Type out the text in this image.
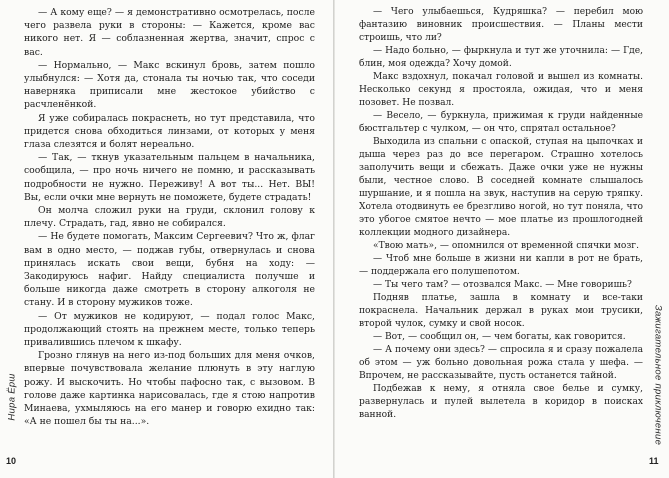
— А кому еще? — я демонстративно осмотрелась, после чего развела руки в стороны: — Кажется, кроме вас никого нет. Я — соблазненная жертва, значит, спрос с вас.

— Нормально, — Макс вскинул бровь, затем пошло улыбнулся: — Хотя да, стонала ты ночью так, что соседи наверняка приписали мне жестокое убийство с расчленёнкой.

Я уже собиралась покраснеть, но тут представила, что придется снова обходиться линзами, от которых у меня глаза слезятся и болят нереально.

— Так, — ткнув указательным пальцем в начальника, сообщила, — про ночь ничего не помню, и рассказывать подробности не нужно. Переживу! А вот ты... Нет. ВЫ! Вы, если очки мне вернуть не поможете, будете страдать!

Он молча сложил руки на груди, склонил голову к плечу. Страдать, гад, явно не собирался.

— Не будете помогать, Максим Сергеевич? Что ж, флаг вам в одно место, — поджав губы, отвернулась и снова принялась искать свои вещи, бубня на ходу: — Закодируюсь нафиг. Найду специалиста получше и больше никогда даже смотреть в сторону алкоголя не стану. И в сторону мужиков тоже.

— От мужиков не кодируют, — подал голос Макс, продолжающий стоять на прежнем месте, только теперь привалившись плечом к шкафу.

Грозно глянув на него из-под больших для меня очков, впервые почувствовала желание плюнуть в эту наглую рожу. И выскочить. Но чтобы пафосно так, с вызовом. В голове даже картинка нарисовалась, где я стою напротив Минаева, ухмыляюсь на его манер и говорю ехидно так: «А не пошел бы ты на...».

Нира Ёрш
10

— Чего улыбаешься, Кудряшка? — перебил мою фантазию виновник происшествия. — Планы мести строишь, что ли?

— Надо больно, — фыркнула и тут же уточнила: — Где, блин, моя одежда? Хочу домой.

Макс вздохнул, покачал головой и вышел из комнаты. Несколько секунд я простояла, ожидая, что и меня позовет. Не позвал.

— Весело, — буркнула, прижимая к груди найденные бюстгальтер с чулком, — он что, спрятал остальное?

Выходила из спальни с опаской, ступая на цыпочках и дыша через раз до все перегаром. Страшно хотелось заполучить вещи и сбежать. Даже очки уже не нужны были, честное слово. В соседней комнате слышалось шуршание, и я пошла на звук, наступив на серую тряпку. Хотела отодвинуть ее брезгливо ногой, но тут поняла, что это убогое смятое нечто — мое платье из прошлогодней коллекции модного дизайнера.

«Твою мать», — опомнился от временной спячки мозг.

— Чтоб мне больше в жизни ни капли в рот не брать, — поддержала его полушепотом.

— Ты чего там? — отозвался Макс. — Мне говоришь?

Подняв платье, зашла в комнату и все-таки покраснела. Начальник держал в руках мои трусики, второй чулок, сумку и свой носок.

— Вот, — сообщил он, — чем богаты, как говорится.

— А почему они здесь? — спросила я и сразу пожалела об этом — уж больно довольная рожа стала у шефа. — Впрочем, не рассказывайте, пусть останется тайной.

Подбежав к нему, я отняла свое белье и сумку, развернулась и пулей вылетела в коридор в поисках ванной.	Зажигательное приключение
11
